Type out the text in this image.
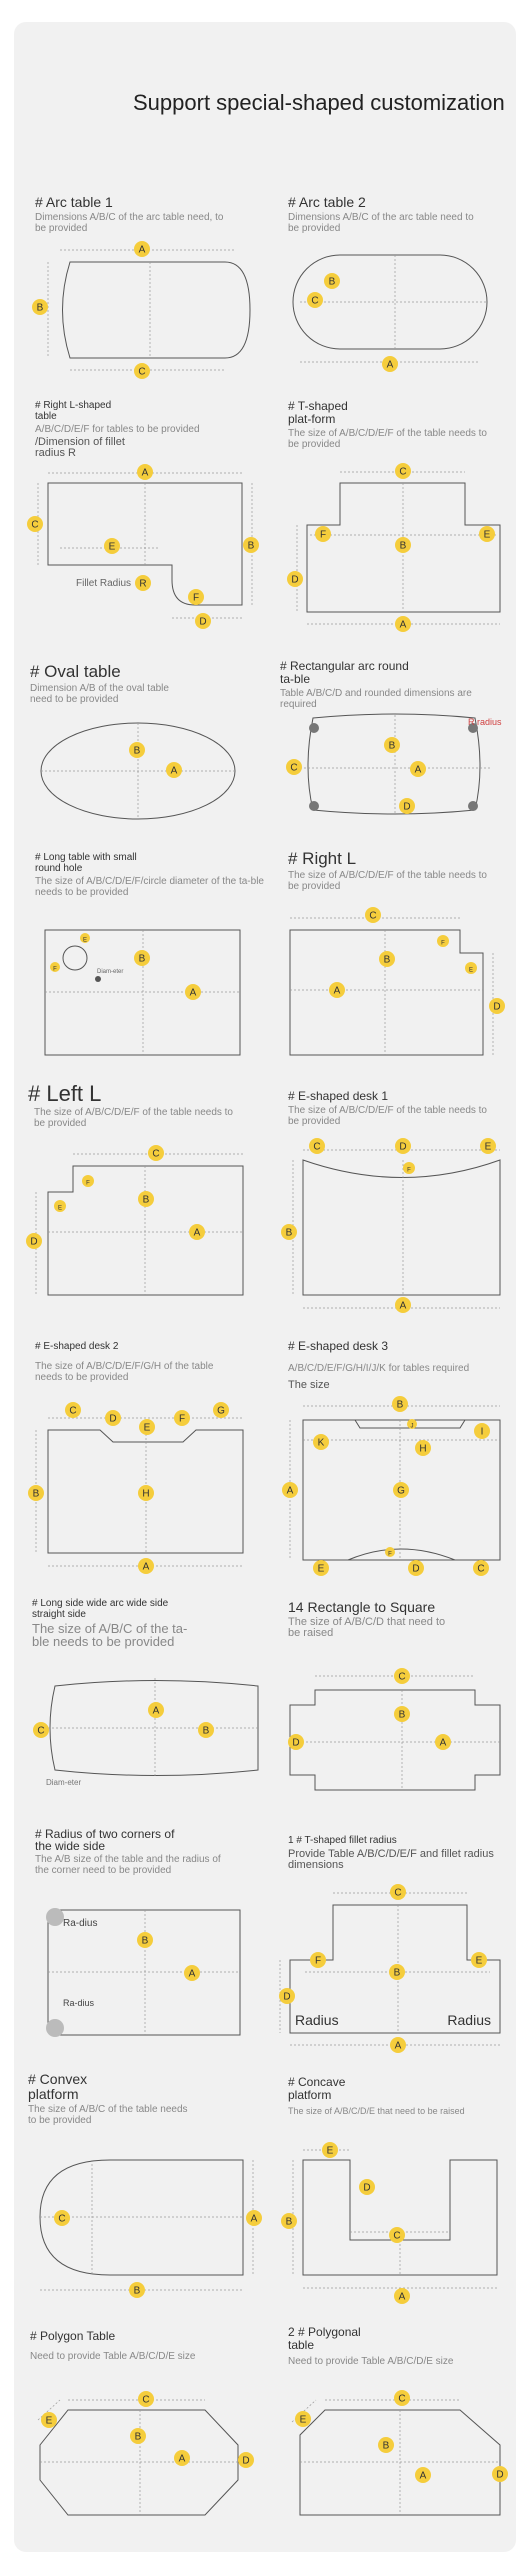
Support special-shaped customization
# Arc table 1
Dimensions A/B/C of the arc table need, to be provided
# Arc table 2
Dimensions A/B/C of the arc table need to be provided
# Right L-shaped table
A/B/C/D/E/F for tables to be provided
/Dimension of fillet radius R
# T-shaped plat-form
The size of A/B/C/D/E/F of the table needs to be provided
# Oval table
Dimension A/B of the oval table need to be provided
# Rectangular arc round ta-ble
Table A/B/C/D and rounded dimensions are required
# Long table with small round hole
The size of A/B/C/D/E/F/circle diameter of the ta-ble needs to be provided
# Right L
The size of A/B/C/D/E/F of the table needs to be provided
# Left L
The size of A/B/C/D/E/F of the table needs to be provided
# E-shaped desk 1
The size of A/B/C/D/E/F of the table needs to be provided
# E-shaped desk 2
The size of A/B/C/D/E/F/G/H of the table needs to be provided
# E-shaped desk 3
A/B/C/D/E/F/G/H/I/J/K for tables required
The size
# Long side wide arc wide side straight side
The size of A/B/C of the ta-ble needs to be provided
14 Rectangle to Square
The size of A/B/C/D that need to be raised
# Radius of two corners of the wide side
The A/B size of the table and the radius of the corner need to be provided
1 # T-shaped fillet radius
Provide Table A/B/C/D/E/F and fillet radius dimensions
# Convex platform
The size of A/B/C of the table needs to be provided
# Concave platform
The size of A/B/C/D/E that need to be raised
# Polygon Table
Need to provide Table A/B/C/D/E size
2 # Polygonal table
Need to provide Table A/B/C/D/E size
A
B
C
B
C
A
A
C
B
E
R
F
D
Fillet Radius
C
F
B
E
D
A
B
A
B
A
C
D
R radius
E
F
B
A
Diam-eter
C
F
E
B
A
D
C
F
E
B
A
D
C	D	E
F
B
A
C
D
E
F
G
B	H
A
B
J	I
K
H
G
A
F
E	D	C
A
B
C
Diam-eter
C
B
A
D
B
A
Ra-dius
Ra-dius
C
F	E
B
D
A
Radius	Radius
C	A
B
E
D
C
B
A
C
E
B
A	D
C
E
B
A	D
